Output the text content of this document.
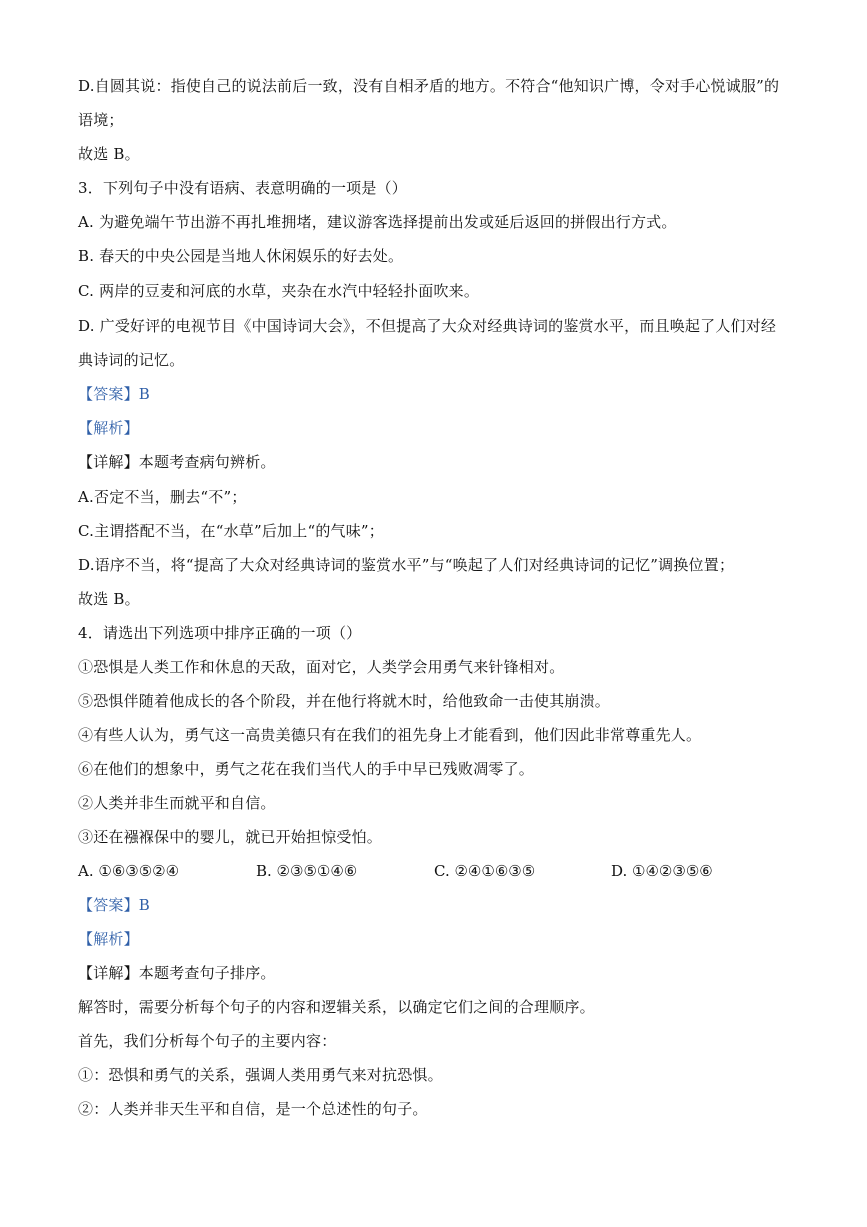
D.自圆其说：指使自己的说法前后一致，没有自相矛盾的地方。不符合“他知识广博，令对手心悦诚服”的
语境；
故选 B。
3．下列句子中没有语病、表意明确的一项是（）
A. 为避免端午节出游不再扎堆拥堵，建议游客选择提前出发或延后返回的拼假出行方式。
B. 春天的中央公园是当地人休闲娱乐的好去处。
C. 两岸的豆麦和河底的水草，夹杂在水汽中轻轻扑面吹来。
D. 广受好评的电视节目《中国诗词大会》，不但提高了大众对经典诗词的鉴赏水平，而且唤起了人们对经
典诗词的记忆。
【答案】B
【解析】
【详解】本题考查病句辨析。
A.否定不当，删去“不”；
C.主谓搭配不当，在“水草”后加上“的气味”；
D.语序不当，将“提高了大众对经典诗词的鉴赏水平”与“唤起了人们对经典诗词的记忆”调换位置；
故选 B。
4．请选出下列选项中排序正确的一项（）
①恐惧是人类工作和休息的天敌，面对它，人类学会用勇气来针锋相对。
⑤恐惧伴随着他成长的各个阶段，并在他行将就木时，给他致命一击使其崩溃。
④有些人认为，勇气这一高贵美德只有在我们的祖先身上才能看到，他们因此非常尊重先人。
⑥在他们的想象中，勇气之花在我们当代人的手中早已残败凋零了。
②人类并非生而就平和自信。
③还在襁褓保中的婴儿，就已开始担惊受怕。
A. ①⑥③⑤②④	B. ②③⑤①④⑥	C. ②④①⑥③⑤	D. ①④②③⑤⑥
【答案】B
【解析】
【详解】本题考查句子排序。
解答时，需要分析每个句子的内容和逻辑关系，以确定它们之间的合理顺序。
首先，我们分析每个句子的主要内容：
①：恐惧和勇气的关系，强调人类用勇气来对抗恐惧。
②：人类并非天生平和自信，是一个总述性的句子。
